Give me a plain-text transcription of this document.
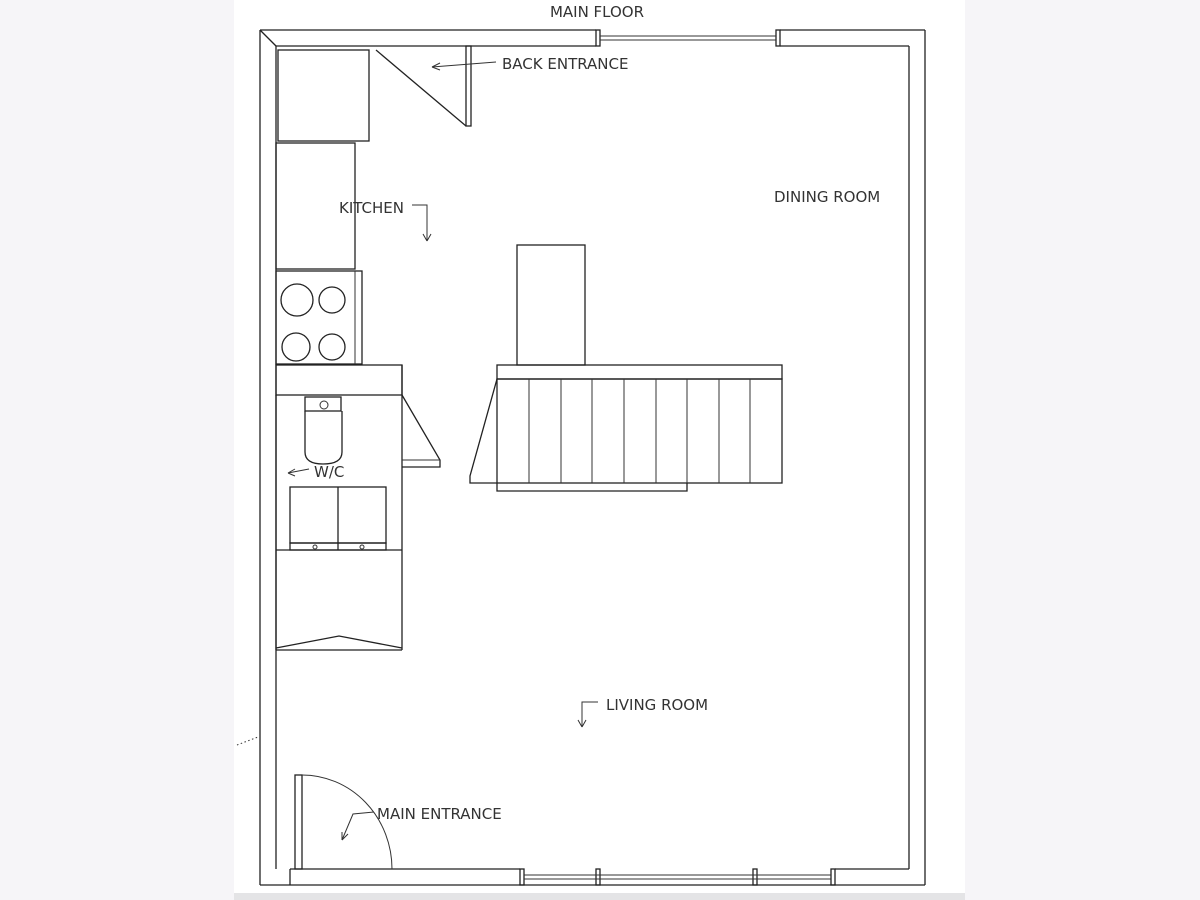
MAIN FLOOR
BACK ENTRANCE
KITCHEN
DINING ROOM
W/C
LIVING ROOM
MAIN ENTRANCE
